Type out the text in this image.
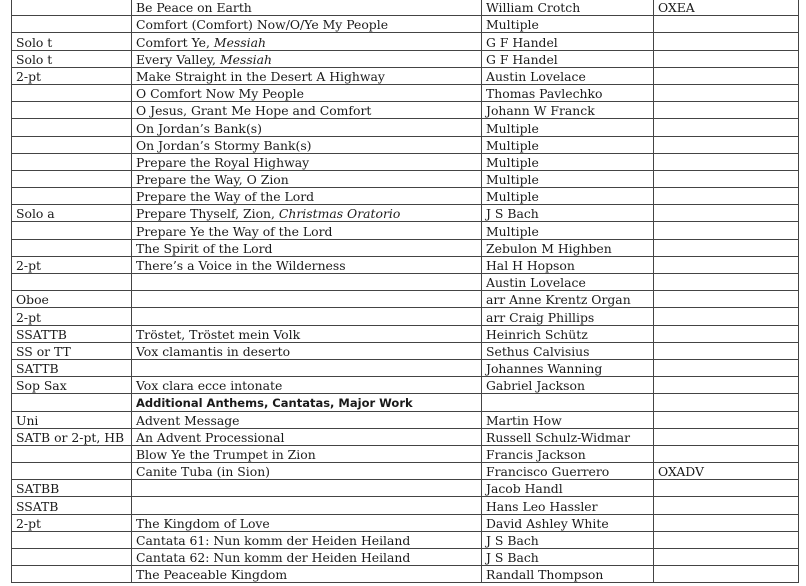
	Be Peace on Earth	William Crotch	OXEA
	Comfort (Comfort) Now/O/Ye My People	Multiple	
Solo t	Comfort Ye, Messiah	G F Handel	
Solo t	Every Valley, Messiah	G F Handel	
2-pt	Make Straight in the Desert A Highway	Austin Lovelace	
	O Comfort Now My People	Thomas Pavlechko	
	O Jesus, Grant Me Hope and Comfort	Johann W Franck	
	On Jordan’s Bank(s)	Multiple	
	On Jordan’s Stormy Bank(s)	Multiple	
	Prepare the Royal Highway	Multiple	
	Prepare the Way, O Zion	Multiple	
	Prepare the Way of the Lord	Multiple	
Solo a	Prepare Thyself, Zion, Christmas Oratorio	J S Bach	
	Prepare Ye the Way of the Lord	Multiple	
	The Spirit of the Lord	Zebulon M Highben	
2-pt	There’s a Voice in the Wilderness	Hal H Hopson	
		Austin Lovelace	
Oboe		arr Anne Krentz Organ	
2-pt		arr Craig Phillips	
SSATTB	Tröstet, Tröstet mein Volk	Heinrich Schütz	
SS or TT	Vox clamantis in deserto	Sethus Calvisius	
SATTB		Johannes Wanning	
Sop Sax	Vox clara ecce intonate	Gabriel Jackson	
	Additional Anthems, Cantatas, Major Work		
Uni	Advent Message	Martin How	
SATB or 2-pt, HB	An Advent Processional	Russell Schulz-Widmar	
	Blow Ye the Trumpet in Zion	Francis Jackson	
	Canite Tuba (in Sion)	Francisco Guerrero	OXADV
SATBB		Jacob Handl	
SSATB		Hans Leo Hassler	
2-pt	The Kingdom of Love	David Ashley White	
	Cantata 61: Nun komm der Heiden Heiland	J S Bach	
	Cantata 62: Nun komm der Heiden Heiland	J S Bach	
	The Peaceable Kingdom	Randall Thompson	
